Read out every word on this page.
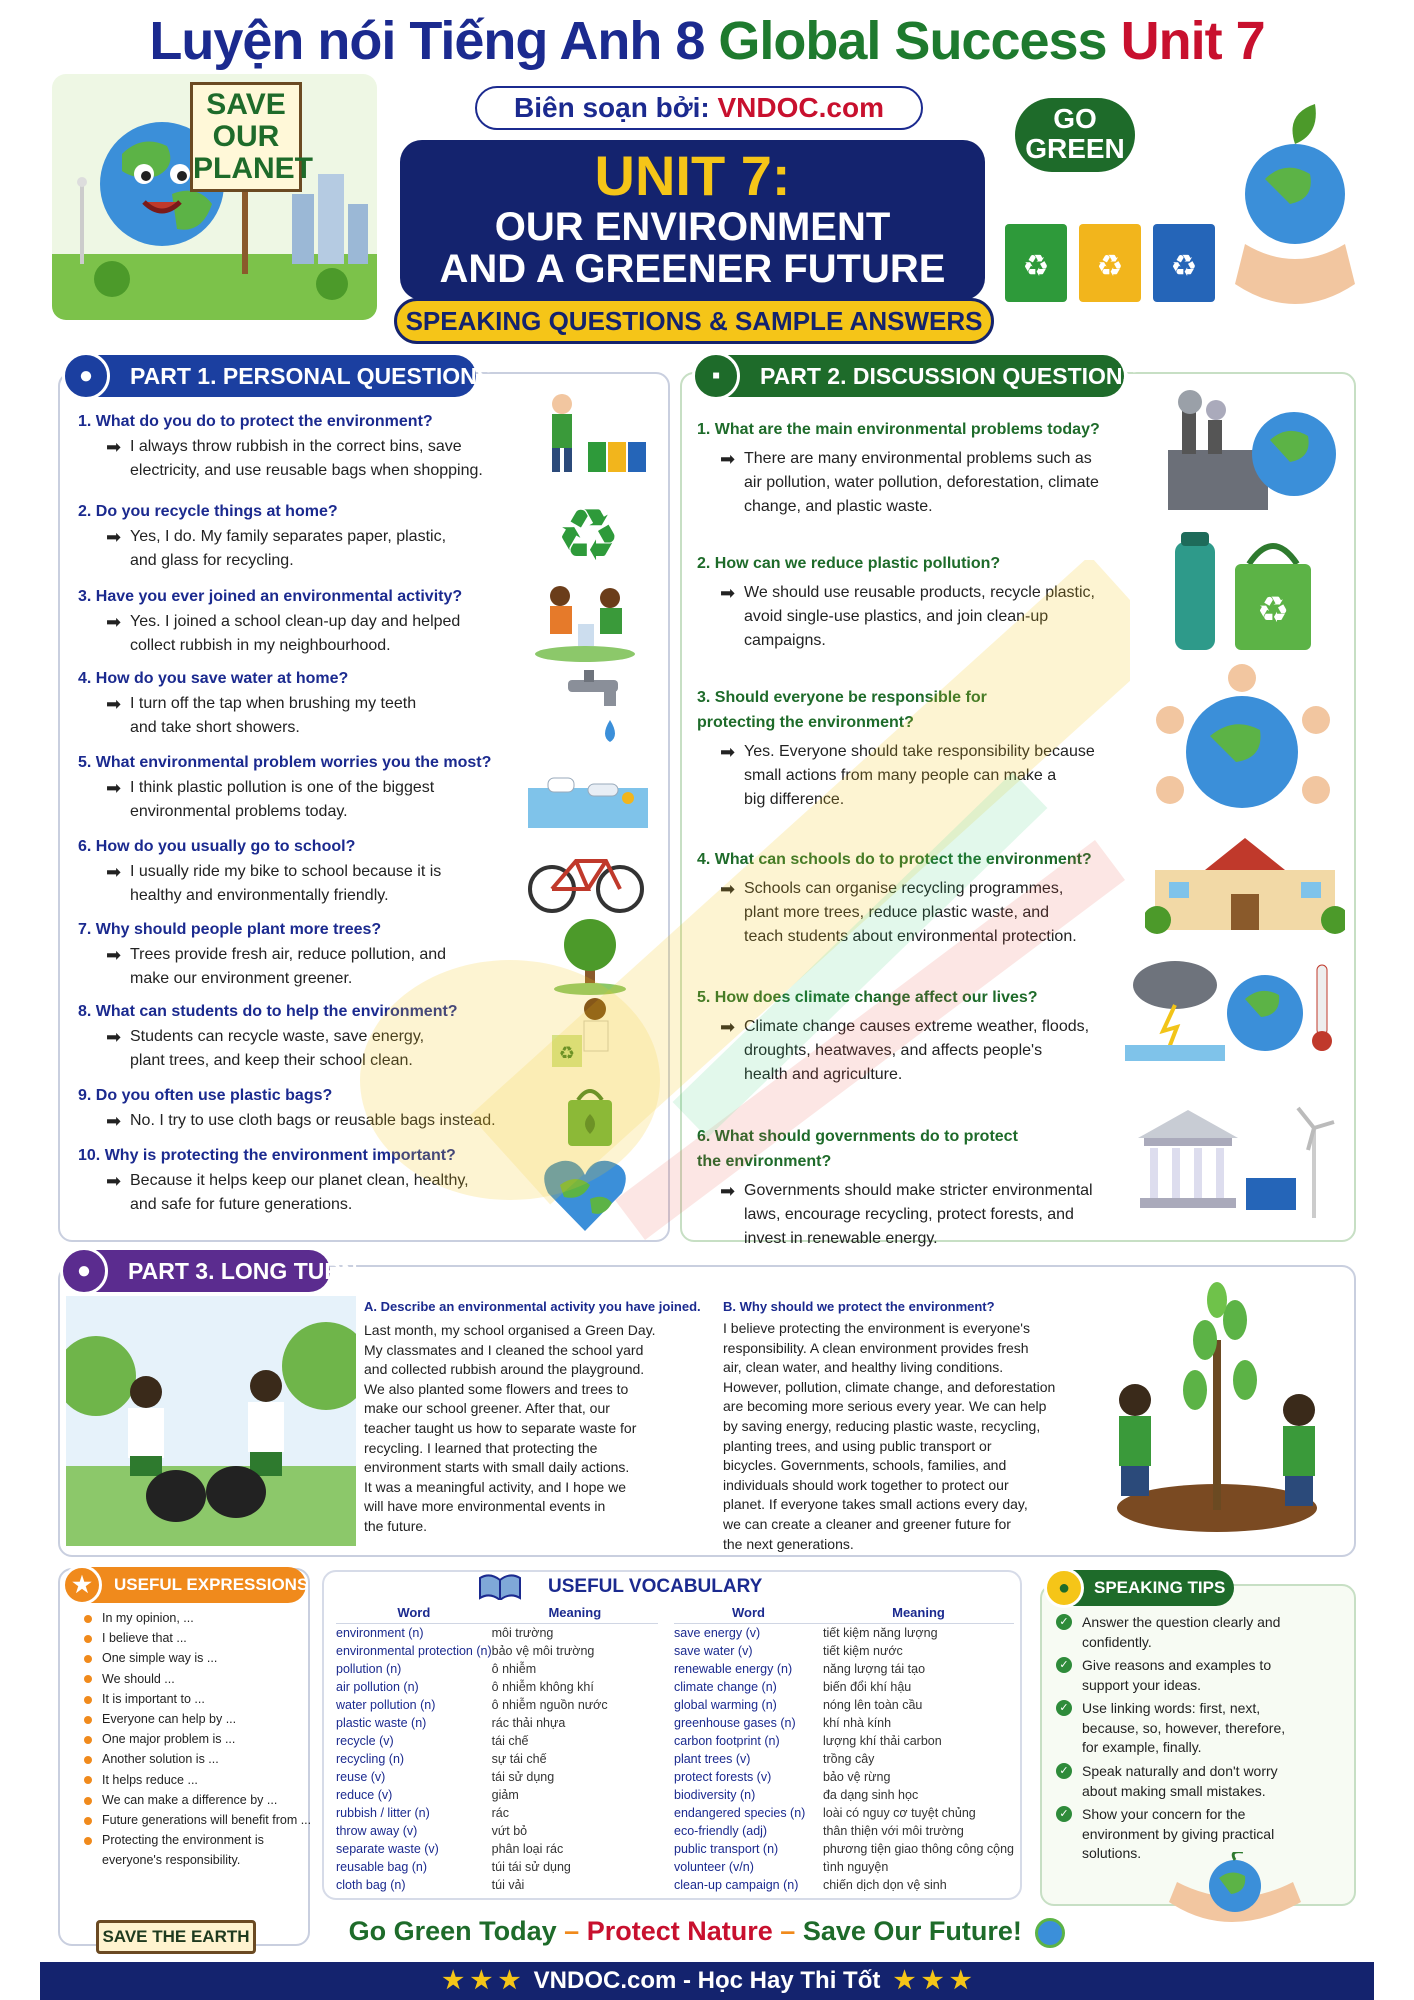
Luyện nói Tiếng Anh 8 Global Success Unit 7
Biên soạn bởi: VNDOC.com
SAVE
OUR
PLANET	UNIT 7:
OUR ENVIRONMENT
AND A GREENER FUTURE
SPEAKING QUESTIONS & SAMPLE ANSWERS
GO
GREEN
♻ ♻ ♻
●	PART 1. PERSONAL QUESTIONS
1. What do you do to protect the environment?
➡ I always throw rubbish in the correct bins, save
electricity, and use reusable bags when shopping.
2. Do you recycle things at home?
➡ Yes, I do. My family separates paper, plastic,
and glass for recycling.
3. Have you ever joined an environmental activity?
➡ Yes. I joined a school clean-up day and helped
collect rubbish in my neighbourhood.
4. How do you save water at home?
➡ I turn off the tap when brushing my teeth
and take short showers.
5. What environmental problem worries you the most?
➡ I think plastic pollution is one of the biggest
environmental problems today.
6. How do you usually go to school?
➡ I usually ride my bike to school because it is
healthy and environmentally friendly.
7. Why should people plant more trees?
➡ Trees provide fresh air, reduce pollution, and
make our environment greener.
8. What can students do to help the environment?
➡ Students can recycle waste, save energy,
plant trees, and keep their school clean.
9. Do you often use plastic bags?
➡ No. I try to use cloth bags or reusable bags instead.
10. Why is protecting the environment important?
➡ Because it helps keep our planet clean, healthy,
and safe for future generations.
♻
♻
▪	PART 2. DISCUSSION QUESTIONS
1. What are the main environmental problems today?
➡ There are many environmental problems such as
air pollution, water pollution, deforestation, climate
change, and plastic waste.
2. How can we reduce plastic pollution?
➡ We should use reusable products, recycle plastic,
avoid single-use plastics, and join clean-up
campaigns.
3. Should everyone be responsible for
protecting the environment?
➡ Yes. Everyone should take responsibility because
small actions from many people can make a
big difference.
4. What can schools do to protect the environment?
➡ Schools can organise recycling programmes,
plant more trees, reduce plastic waste, and
teach students about environmental protection.
5. How does climate change affect our lives?
➡ Climate change causes extreme weather, floods,
droughts, heatwaves, and affects people's
health and agriculture.
6. What should governments do to protect
the environment?
➡ Governments should make stricter environmental
laws, encourage recycling, protect forests, and
invest in renewable energy.
♻
●	PART 3. LONG TURN
A. Describe an environmental activity you have joined.
Last month, my school organised a Green Day.
My classmates and I cleaned the school yard
and collected rubbish around the playground.
We also planted some flowers and trees to
make our school greener. After that, our
teacher taught us how to separate waste for
recycling. I learned that protecting the
environment starts with small daily actions.
It was a meaningful activity, and I hope we
will have more environmental events in
the future.
B. Why should we protect the environment?
I believe protecting the environment is everyone's
responsibility. A clean environment provides fresh
air, clean water, and healthy living conditions.
However, pollution, climate change, and deforestation
are becoming more serious every year. We can help
by saving energy, reducing plastic waste, recycling,
planting trees, and using public transport or
bicycles. Governments, schools, families, and
individuals should work together to protect our
planet. If everyone takes small actions every day,
we can create a cleaner and greener future for
the next generations.
★	USEFUL EXPRESSIONS
In my opinion, ...
I believe that ...
One simple way is ...
We should ...
It is important to ...
Everyone can help by ...
One major problem is ...
Another solution is ...
It helps reduce ...
We can make a difference by ...
Future generations will benefit from ...
Protecting the environment is
everyone's responsibility.
SAVE THE EARTH
USEFUL VOCABULARY
Word	Meaning
environment (n)	môi trường
environmental protection (n)	bảo vệ môi trường
pollution (n)	ô nhiễm
air pollution (n)	ô nhiễm không khí
water pollution (n)	ô nhiễm nguồn nước
plastic waste (n)	rác thải nhựa
recycle (v)	tái chế
recycling (n)	sự tái chế
reuse (v)	tái sử dụng
reduce (v)	giảm
rubbish / litter (n)	rác
throw away (v)	vứt bỏ
separate waste (v)	phân loại rác
reusable bag (n)	túi tái sử dụng
cloth bag (n)	túi vải
Word	Meaning
save energy (v)	tiết kiệm năng lượng
save water (v)	tiết kiệm nước
renewable energy (n)	năng lượng tái tạo
climate change (n)	biến đổi khí hậu
global warming (n)	nóng lên toàn cầu
greenhouse gases (n)	khí nhà kính
carbon footprint (n)	lượng khí thải carbon
plant trees (v)	trồng cây
protect forests (v)	bảo vệ rừng
biodiversity (n)	đa dạng sinh học
endangered species (n)	loài có nguy cơ tuyệt chủng
eco-friendly (adj)	thân thiện với môi trường
public transport (n)	phương tiện giao thông công cộng
volunteer (v/n)	tình nguyện
clean-up campaign (n)	chiến dịch dọn vệ sinh
●	SPEAKING TIPS
✓ Answer the question clearly and
confidently.
✓ Give reasons and examples to
support your ideas.
✓ Use linking words: first, next,
because, so, however, therefore,
for example, finally.
✓ Speak naturally and don't worry
about making small mistakes.
✓ Show your concern for the
environment by giving practical
solutions.
Go Green Today – Protect Nature – Save Our Future!
★ ★ ★ VNDOC.com - Học Hay Thi Tốt ★ ★ ★
